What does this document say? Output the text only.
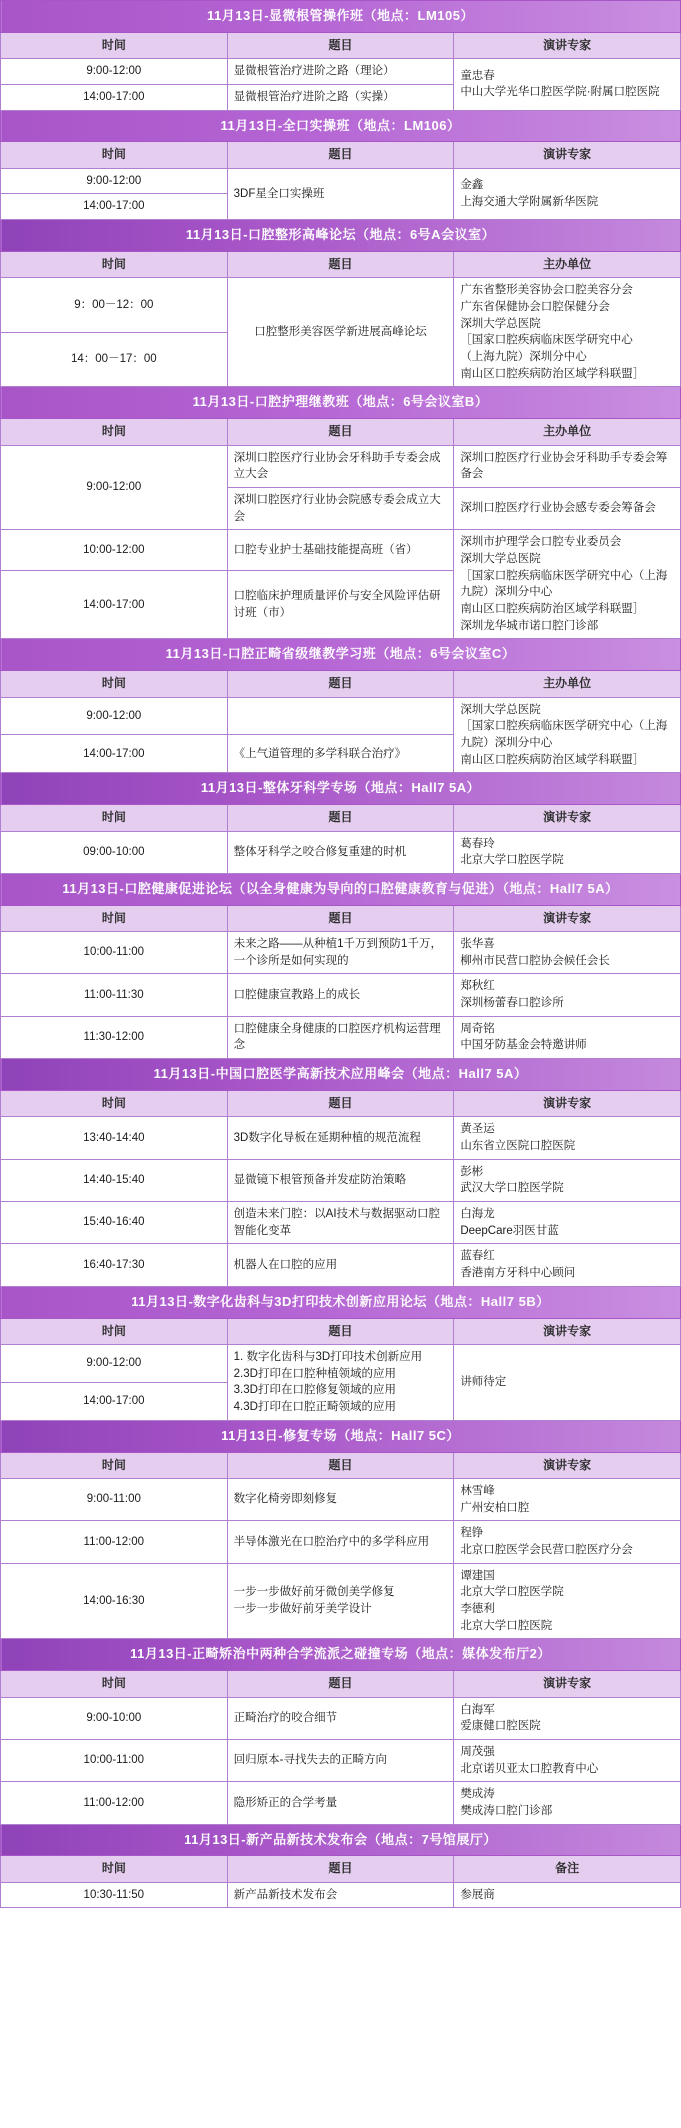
11月13日-显微根管操作班（地点：LM105）		
时间	题目	演讲专家
9:00-12:00	显微根管治疗进阶之路（理论）	童忠春
中山大学光华口腔医学院·附属口腔医院
14:00-17:00	显微根管治疗进阶之路（实操）	
11月13日-全口实操班（地点：LM106）		
时间	题目	演讲专家
9:00-12:00	3DF星全口实操班	金鑫
上海交通大学附属新华医院
14:00-17:00		
11月13日-口腔整形高峰论坛（地点：6号A会议室）		
时间	题目	主办单位
9：00－12：00	口腔整形美容医学新进展高峰论坛	广东省整形美容协会口腔美容分会
广东省保健协会口腔保健分会
深圳大学总医院
［国家口腔疾病临床医学研究中心
（上海九院）深圳分中心
南山区口腔疾病防治区域学科联盟］
14：00－17：00		
11月13日-口腔护理继教班（地点：6号会议室B）		
时间	题目	主办单位
9:00-12:00	深圳口腔医疗行业协会牙科助手专委会成立大会	深圳口腔医疗行业协会牙科助手专委会筹备会
	深圳口腔医疗行业协会院感专委会成立大会	深圳口腔医疗行业协会感专委会筹备会
10:00-12:00	口腔专业护士基础技能提高班（省）	深圳市护理学会口腔专业委员会
深圳大学总医院
［国家口腔疾病临床医学研究中心（上海九院）深圳分中心
南山区口腔疾病防治区域学科联盟］
深圳龙华城市诺口腔门诊部
14:00-17:00	口腔临床护理质量评价与安全风险评估研讨班（市）	
11月13日-口腔正畸省级继教学习班（地点：6号会议室C）		
时间	题目	主办单位
9:00-12:00		深圳大学总医院
［国家口腔疾病临床医学研究中心（上海九院）深圳分中心
南山区口腔疾病防治区域学科联盟］
14:00-17:00	《上气道管理的多学科联合治疗》	
11月13日-整体牙科学专场（地点：Hall7 5A）		
时间	题目	演讲专家
09:00-10:00	整体牙科学之咬合修复重建的时机	葛春玲
北京大学口腔医学院
11月13日-口腔健康促进论坛（以全身健康为导向的口腔健康教育与促进）（地点：Hall7 5A）		
时间	题目	演讲专家
10:00-11:00	未来之路——从种植1千万到预防1千万，一个诊所是如何实现的	张华喜
柳州市民营口腔协会候任会长
11:00-11:30	口腔健康宣教路上的成长	郑秋红
深圳杨蕾春口腔诊所
11:30-12:00	口腔健康全身健康的口腔医疗机构运营理念	周奇铭
中国牙防基金会特邀讲师
11月13日-中国口腔医学高新技术应用峰会（地点：Hall7 5A）		
时间	题目	演讲专家
13:40-14:40	3D数字化导板在延期种植的规范流程	黄圣运
山东省立医院口腔医院
14:40-15:40	显微镜下根管预备并发症防治策略	彭彬
武汉大学口腔医学院
15:40-16:40	创造未来门腔：以AI技术与数据驱动口腔智能化变革	白海龙
DeepCare羽医甘蓝
16:40-17:30	机器人在口腔的应用	蓝春红
香港南方牙科中心顾问
11月13日-数字化齿科与3D打印技术创新应用论坛（地点：Hall7 5B）		
时间	题目	演讲专家
9:00-12:00	1. 数字化齿科与3D打印技术创新应用
2.3D打印在口腔种植领域的应用
3.3D打印在口腔修复领域的应用
4.3D打印在口腔正畸领域的应用	讲师待定
14:00-17:00		
11月13日-修复专场（地点：Hall7 5C）		
时间	题目	演讲专家
9:00-11:00	数字化椅旁即刻修复	林雪峰
广州安柏口腔
11:00-12:00	半导体激光在口腔治疗中的多学科应用	程铮
北京口腔医学会民营口腔医疗分会
14:00-16:30	一步一步做好前牙微创美学修复
一步一步做好前牙美学设计	谭建国
北京大学口腔医学院
李德利
北京大学口腔医院
11月13日-正畸矫治中两种合学流派之碰撞专场（地点：媒体发布厅2）		
时间	题目	演讲专家
9:00-10:00	正畸治疗的咬合细节	白海军
爱康健口腔医院
10:00-11:00	回归原本-寻找失去的正畸方向	周茂强
北京诺贝亚太口腔教育中心
11:00-12:00	隐形矫正的合学考量	樊成涛
樊成涛口腔门诊部
11月13日-新产品新技术发布会（地点：7号馆展厅）		
时间	题目	备注
10:30-11:50	新产品新技术发布会	参展商
